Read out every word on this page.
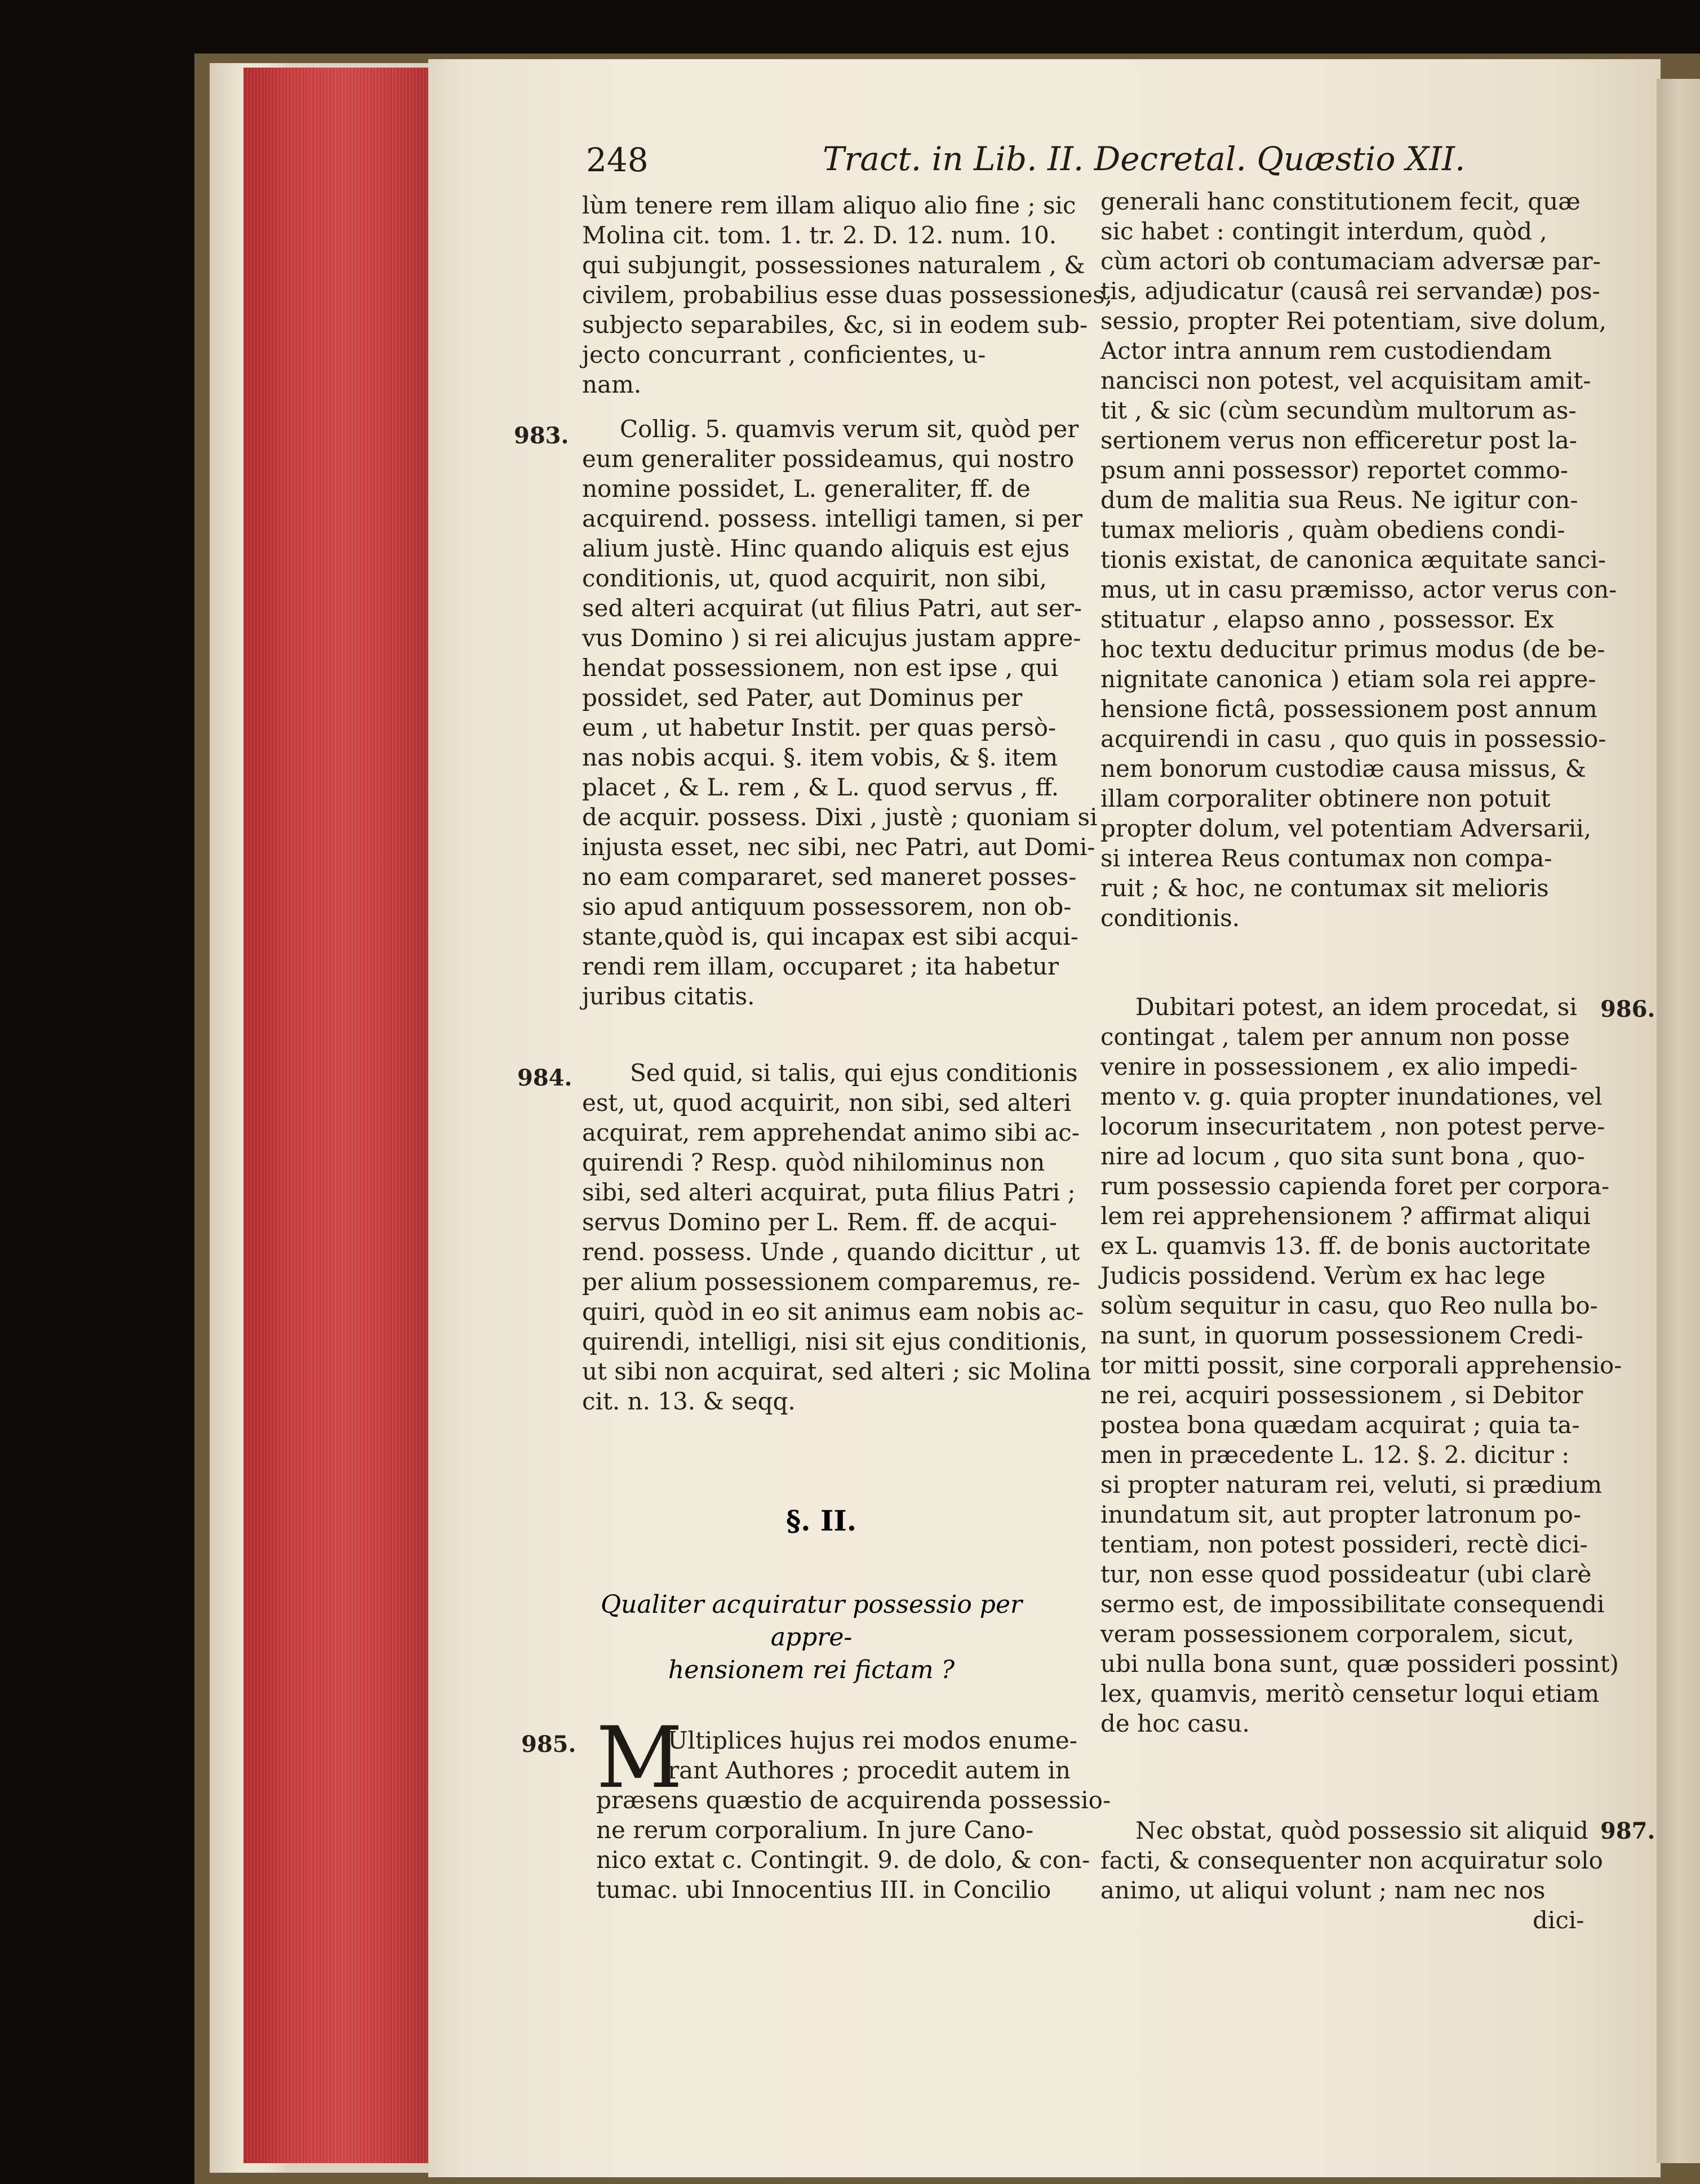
248	Tract. in Lib. II. Decretal. Quæstio XII.
983.
984.
985.
986.
987.
lùm tenere rem illam aliquo alio fine ; sic
Molina cit. tom. 1. tr. 2. D. 12. num. 10.
qui subjungit, possessiones naturalem , &
civilem, probabilius esse duas possessiones,
subjecto separabiles, &c, si in eodem sub-
jecto concurrant , conficientes, u-
nam.
Collig. 5. quamvis verum sit, quòd per
eum generaliter possideamus, qui nostro
nomine possidet, L. generaliter, ff. de
acquirend. possess. intelligi tamen, si per
alium justè. Hinc quando aliquis est ejus
conditionis, ut, quod acquirit, non sibi,
sed alteri acquirat (ut filius Patri, aut ser-
vus Domino ) si rei alicujus justam appre-
hendat possessionem, non est ipse , qui
possidet, sed Pater, aut Dominus per
eum , ut habetur Instit. per quas persò-
nas nobis acqui. §. item vobis, & §. item
placet , & L. rem , & L. quod servus , ff.
de acquir. possess. Dixi , justè ; quoniam si
injusta esset, nec sibi, nec Patri, aut Domi-
no eam compararet, sed maneret posses-
sio apud antiquum possessorem, non ob-
stante,quòd is, qui incapax est sibi acqui-
rendi rem illam, occuparet ; ita habetur
juribus citatis.
Sed quid, si talis, qui ejus conditionis
est, ut, quod acquirit, non sibi, sed alteri
acquirat, rem apprehendat animo sibi ac-
quirendi ? Resp. quòd nihilominus non
sibi, sed alteri acquirat, puta filius Patri ;
servus Domino per L. Rem. ff. de acqui-
rend. possess. Unde , quando dicittur , ut
per alium possessionem comparemus, re-
quiri, quòd in eo sit animus eam nobis ac-
quirendi, intelligi, nisi sit ejus conditionis,
ut sibi non acquirat, sed alteri ; sic Molina
cit. n. 13. & seqq.
§. II.
Qualiter acquiratur possessio per appre-
hensionem rei fictam ?
M
Ultiplices hujus rei modos enume-
rant Authores ; procedit autem in
præsens quæstio de acquirenda possessio-
ne rerum corporalium. In jure Cano-
nico extat c. Contingit. 9. de dolo, & con-
tumac. ubi Innocentius III. in Concilio
generali hanc constitutionem fecit, quæ
sic habet : contingit interdum, quòd ,
cùm actori ob contumaciam adversæ par-
tis, adjudicatur (causâ rei servandæ) pos-
sessio, propter Rei potentiam, sive dolum,
Actor intra annum rem custodiendam
nancisci non potest, vel acquisitam amit-
tit , & sic (cùm secundùm multorum as-
sertionem verus non efficeretur post la-
psum anni possessor) reportet commo-
dum de malitia sua Reus. Ne igitur con-
tumax melioris , quàm obediens condi-
tionis existat, de canonica æquitate sanci-
mus, ut in casu præmisso, actor verus con-
stituatur , elapso anno , possessor. Ex
hoc textu deducitur primus modus (de be-
nignitate canonica ) etiam sola rei appre-
hensione fictâ, possessionem post annum
acquirendi in casu , quo quis in possessio-
nem bonorum custodiæ causa missus, &
illam corporaliter obtinere non potuit
propter dolum, vel potentiam Adversarii,
si interea Reus contumax non compa-
ruit ; & hoc, ne contumax sit melioris
conditionis.
Dubitari potest, an idem procedat, si
contingat , talem per annum non posse
venire in possessionem , ex alio impedi-
mento v. g. quia propter inundationes, vel
locorum insecuritatem , non potest perve-
nire ad locum , quo sita sunt bona , quo-
rum possessio capienda foret per corpora-
lem rei apprehensionem ? affirmat aliqui
ex L. quamvis 13. ff. de bonis auctoritate
Judicis possidend. Verùm ex hac lege
solùm sequitur in casu, quo Reo nulla bo-
na sunt, in quorum possessionem Credi-
tor mitti possit, sine corporali apprehensio-
ne rei, acquiri possessionem , si Debitor
postea bona quædam acquirat ; quia ta-
men in præcedente L. 12. §. 2. dicitur :
si propter naturam rei, veluti, si prædium
inundatum sit, aut propter latronum po-
tentiam, non potest possideri, rectè dici-
tur, non esse quod possideatur (ubi clarè
sermo est, de impossibilitate consequendi
veram possessionem corporalem, sicut,
ubi nulla bona sunt, quæ possideri possint)
lex, quamvis, meritò censetur loqui etiam
de hoc casu.
Nec obstat, quòd possessio sit aliquid
facti, & consequenter non acquiratur solo
animo, ut aliqui volunt ; nam nec nos
dici-
